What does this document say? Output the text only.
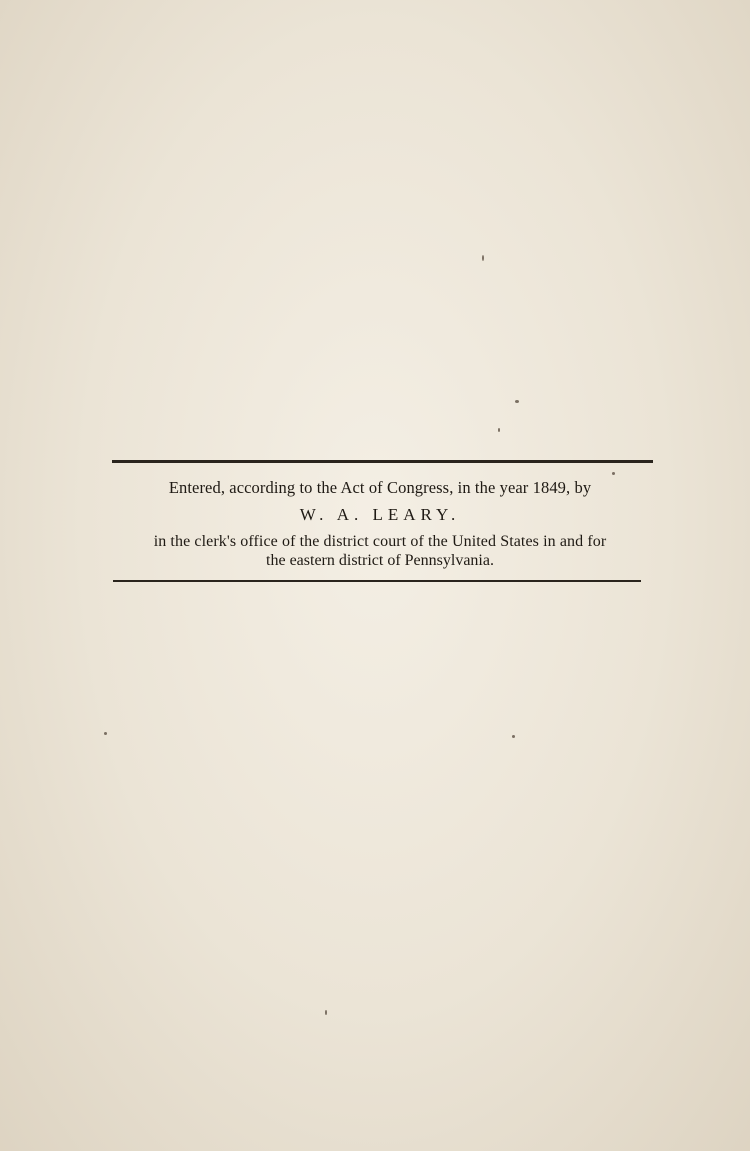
Entered, according to the Act of Congress, in the year 1849, by
W. A. LEARY.
in the clerk's office of the district court of the United States in and for
the eastern district of Pennsylvania.
